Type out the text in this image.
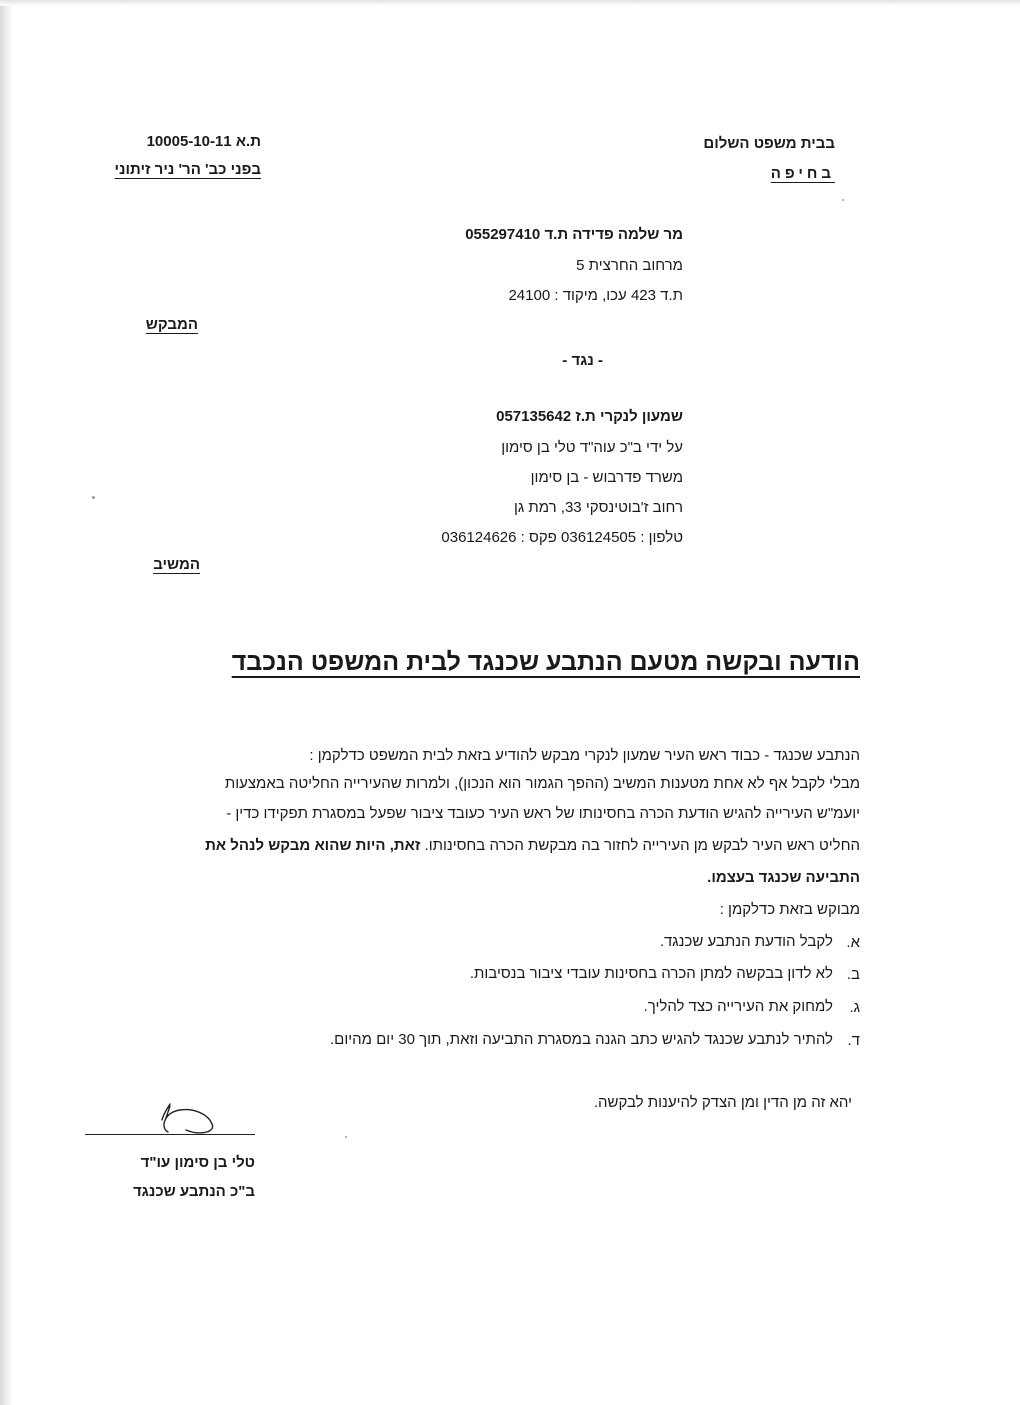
בבית משפט השלום
בחיפה
ת.א 10005-10-11
בפני כב' הר' ניר זיתוני
מר שלמה פדידה ת.ד 055297410
מרחוב החרצית 5
ת.ד 423 עכו, מיקוד : 24100
המבקש
- נגד -
שמעון לנקרי ת.ז 057135642
על ידי ב"כ עוה"ד טלי בן סימון
משרד פדרבוש - בן סימון
רחוב ז'בוטינסקי 33, רמת גן
טלפון : 036124505 פקס : 036124626
המשיב
הודעה ובקשה מטעם הנתבע שכנגד לבית המשפט הנכבד
הנתבע שכנגד - כבוד ראש העיר שמעון לנקרי מבקש להודיע בזאת לבית המשפט כדלקמן :
מבלי לקבל אף לא אחת מטענות המשיב (ההפך הגמור הוא הנכון), ולמרות שהעירייה החליטה באמצעות
יועמ"ש העירייה להגיש הודעת הכרה בחסינותו של ראש העיר כעובד ציבור שפעל במסגרת תפקידו כדין -
החליט ראש העיר לבקש מן העירייה לחזור בה מבקשת הכרה בחסינותו. זאת, היות שהוא מבקש לנהל את
התביעה שכנגד בעצמו.
מבוקש בזאת כדלקמן :
א.
לקבל הודעת הנתבע שכנגד.
ב.
לא לדון בבקשה למתן הכרה בחסינות עובדי ציבור בנסיבות.
ג.
למחוק את העירייה כצד להליך.
ד.
להתיר לנתבע שכנגד להגיש כתב הגנה במסגרת התביעה וזאת, תוך 30 יום מהיום.
יהא זה מן הדין ומן הצדק להיענות לבקשה.
טלי בן סימון עו"ד
ב"כ הנתבע שכנגד
